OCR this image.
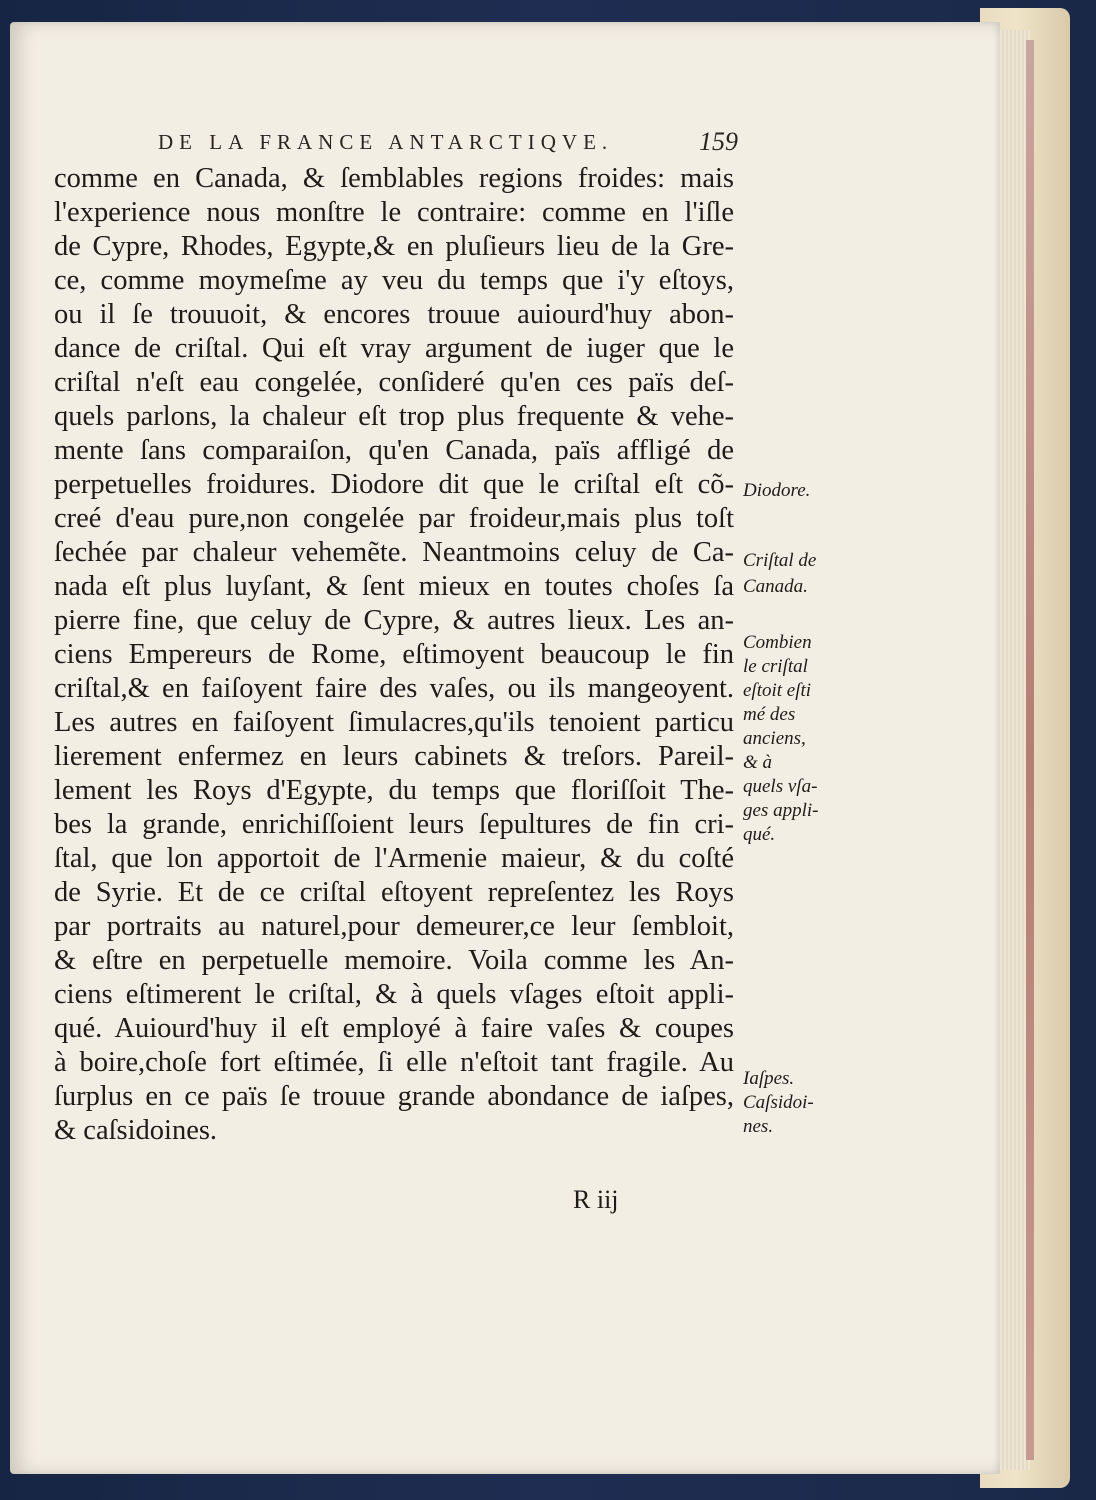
DE LA FRANCE ANTARCTIQVE.	159
comme en Canada, & ſemblables regions froides: mais
l'experience nous monſtre le contraire: comme en l'iſle
de Cypre, Rhodes, Egypte,& en pluſieurs lieu de la Gre-
ce, comme moymeſme ay veu du temps que i'y eſtoys,
ou il ſe trouuoit, & encores trouue auiourd'huy abon-
dance de criſtal. Qui eſt vray argument de iuger que le
criſtal n'eſt eau congelée, conſideré qu'en ces païs deſ-
quels parlons, la chaleur eſt trop plus frequente & vehe-
mente ſans comparaiſon, qu'en Canada, païs affligé de
perpetuelles froidures. Diodore dit que le criſtal eſt cõ-
creé d'eau pure,non congelée par froideur,mais plus toſt
ſechée par chaleur vehemẽte. Neantmoins celuy de Ca-
nada eſt plus luyſant, & ſent mieux en toutes choſes ſa
pierre fine, que celuy de Cypre, & autres lieux. Les an-
ciens Empereurs de Rome, eſtimoyent beaucoup le fin
criſtal,& en faiſoyent faire des vaſes, ou ils mangeoyent.
Les autres en faiſoyent ſimulacres,qu'ils tenoient particu
lierement enfermez en leurs cabinets & treſors. Pareil-
lement les Roys d'Egypte, du temps que floriſſoit The-
bes la grande, enrichiſſoient leurs ſepultures de fin cri-
ſtal, que lon apportoit de l'Armenie maieur, & du coſté
de Syrie. Et de ce criſtal eſtoyent repreſentez les Roys
par portraits au naturel,pour demeurer,ce leur ſembloit,
& eſtre en perpetuelle memoire. Voila comme les An-
ciens eſtimerent le criſtal, & à quels vſages eſtoit appli-
qué. Auiourd'huy il eſt employé à faire vaſes & coupes
à boire,choſe fort eſtimée, ſi elle n'eſtoit tant fragile. Au
ſurplus en ce païs ſe trouue grande abondance de iaſpes,
& caſsidoines.
Diodore.
Criſtal de
Canada.
Combien
le criſtal
eſtoit eſti
mé des
anciens,
& à
quels vſa-
ges appli-
qué.
Iaſpes.
Caſsidoi-
nes.
R iij
